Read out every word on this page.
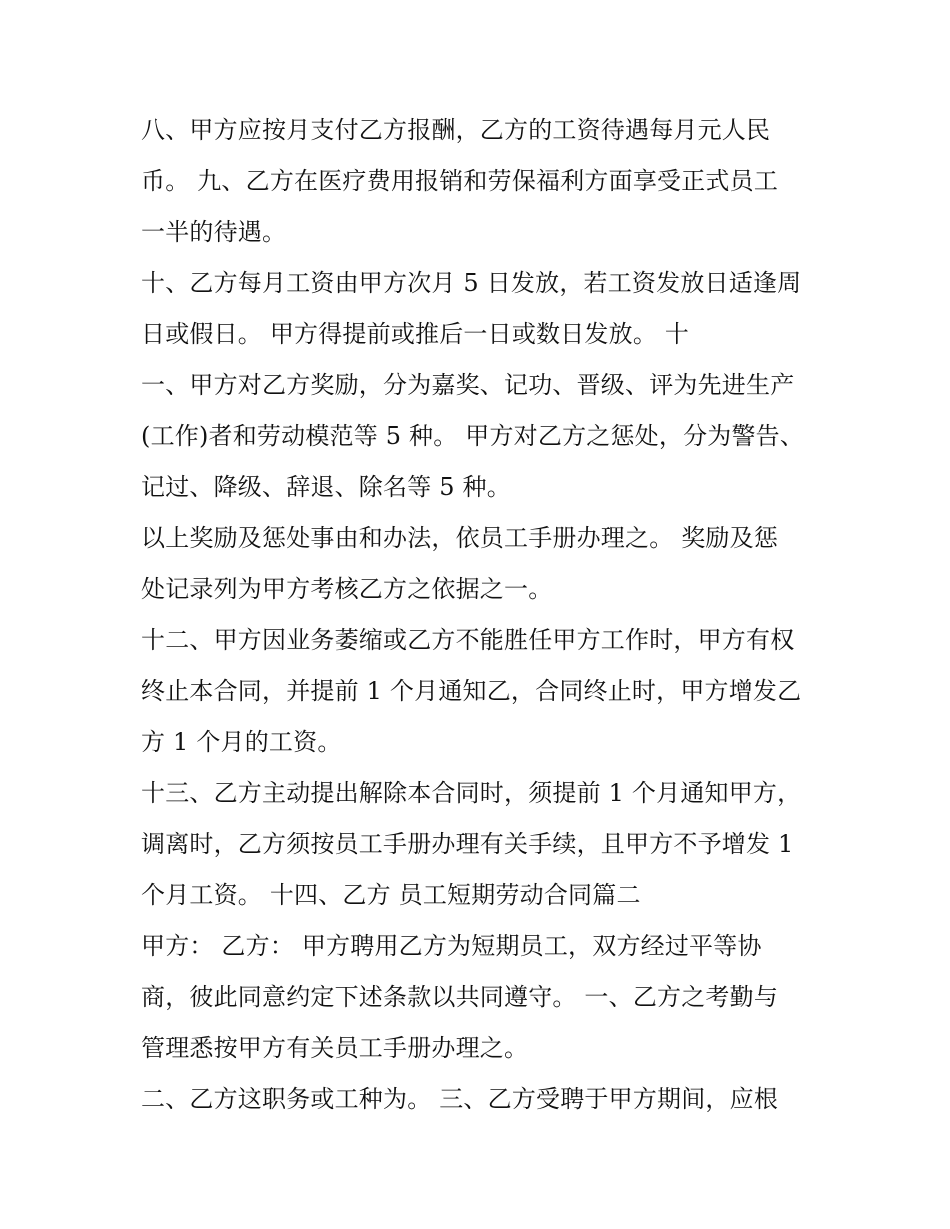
八、甲方应按月支付乙方报酬，乙方的工资待遇每月元人民
币。 九、乙方在医疗费用报销和劳保福利方面享受正式员工
一半的待遇。
十、乙方每月工资由甲方次月 5 日发放，若工资发放日适逢周
日或假日。 甲方得提前或推后一日或数日发放。 十
一、甲方对乙方奖励，分为嘉奖、记功、晋级、评为先进生产
(工作)者和劳动模范等 5 种。 甲方对乙方之惩处，分为警告、
记过、降级、辞退、除名等 5 种。
以上奖励及惩处事由和办法，依员工手册办理之。 奖励及惩
处记录列为甲方考核乙方之依据之一。
十二、甲方因业务萎缩或乙方不能胜任甲方工作时，甲方有权
终止本合同，并提前 1 个月通知乙，合同终止时，甲方增发乙
方 1 个月的工资。
十三、乙方主动提出解除本合同时，须提前 1 个月通知甲方，
调离时，乙方须按员工手册办理有关手续，且甲方不予增发 1
个月工资。 十四、乙方 员工短期劳动合同篇二
甲方： 乙方： 甲方聘用乙方为短期员工，双方经过平等协
商，彼此同意约定下述条款以共同遵守。 一、乙方之考勤与
管理悉按甲方有关员工手册办理之。
二、乙方这职务或工种为。 三、乙方受聘于甲方期间，应根
